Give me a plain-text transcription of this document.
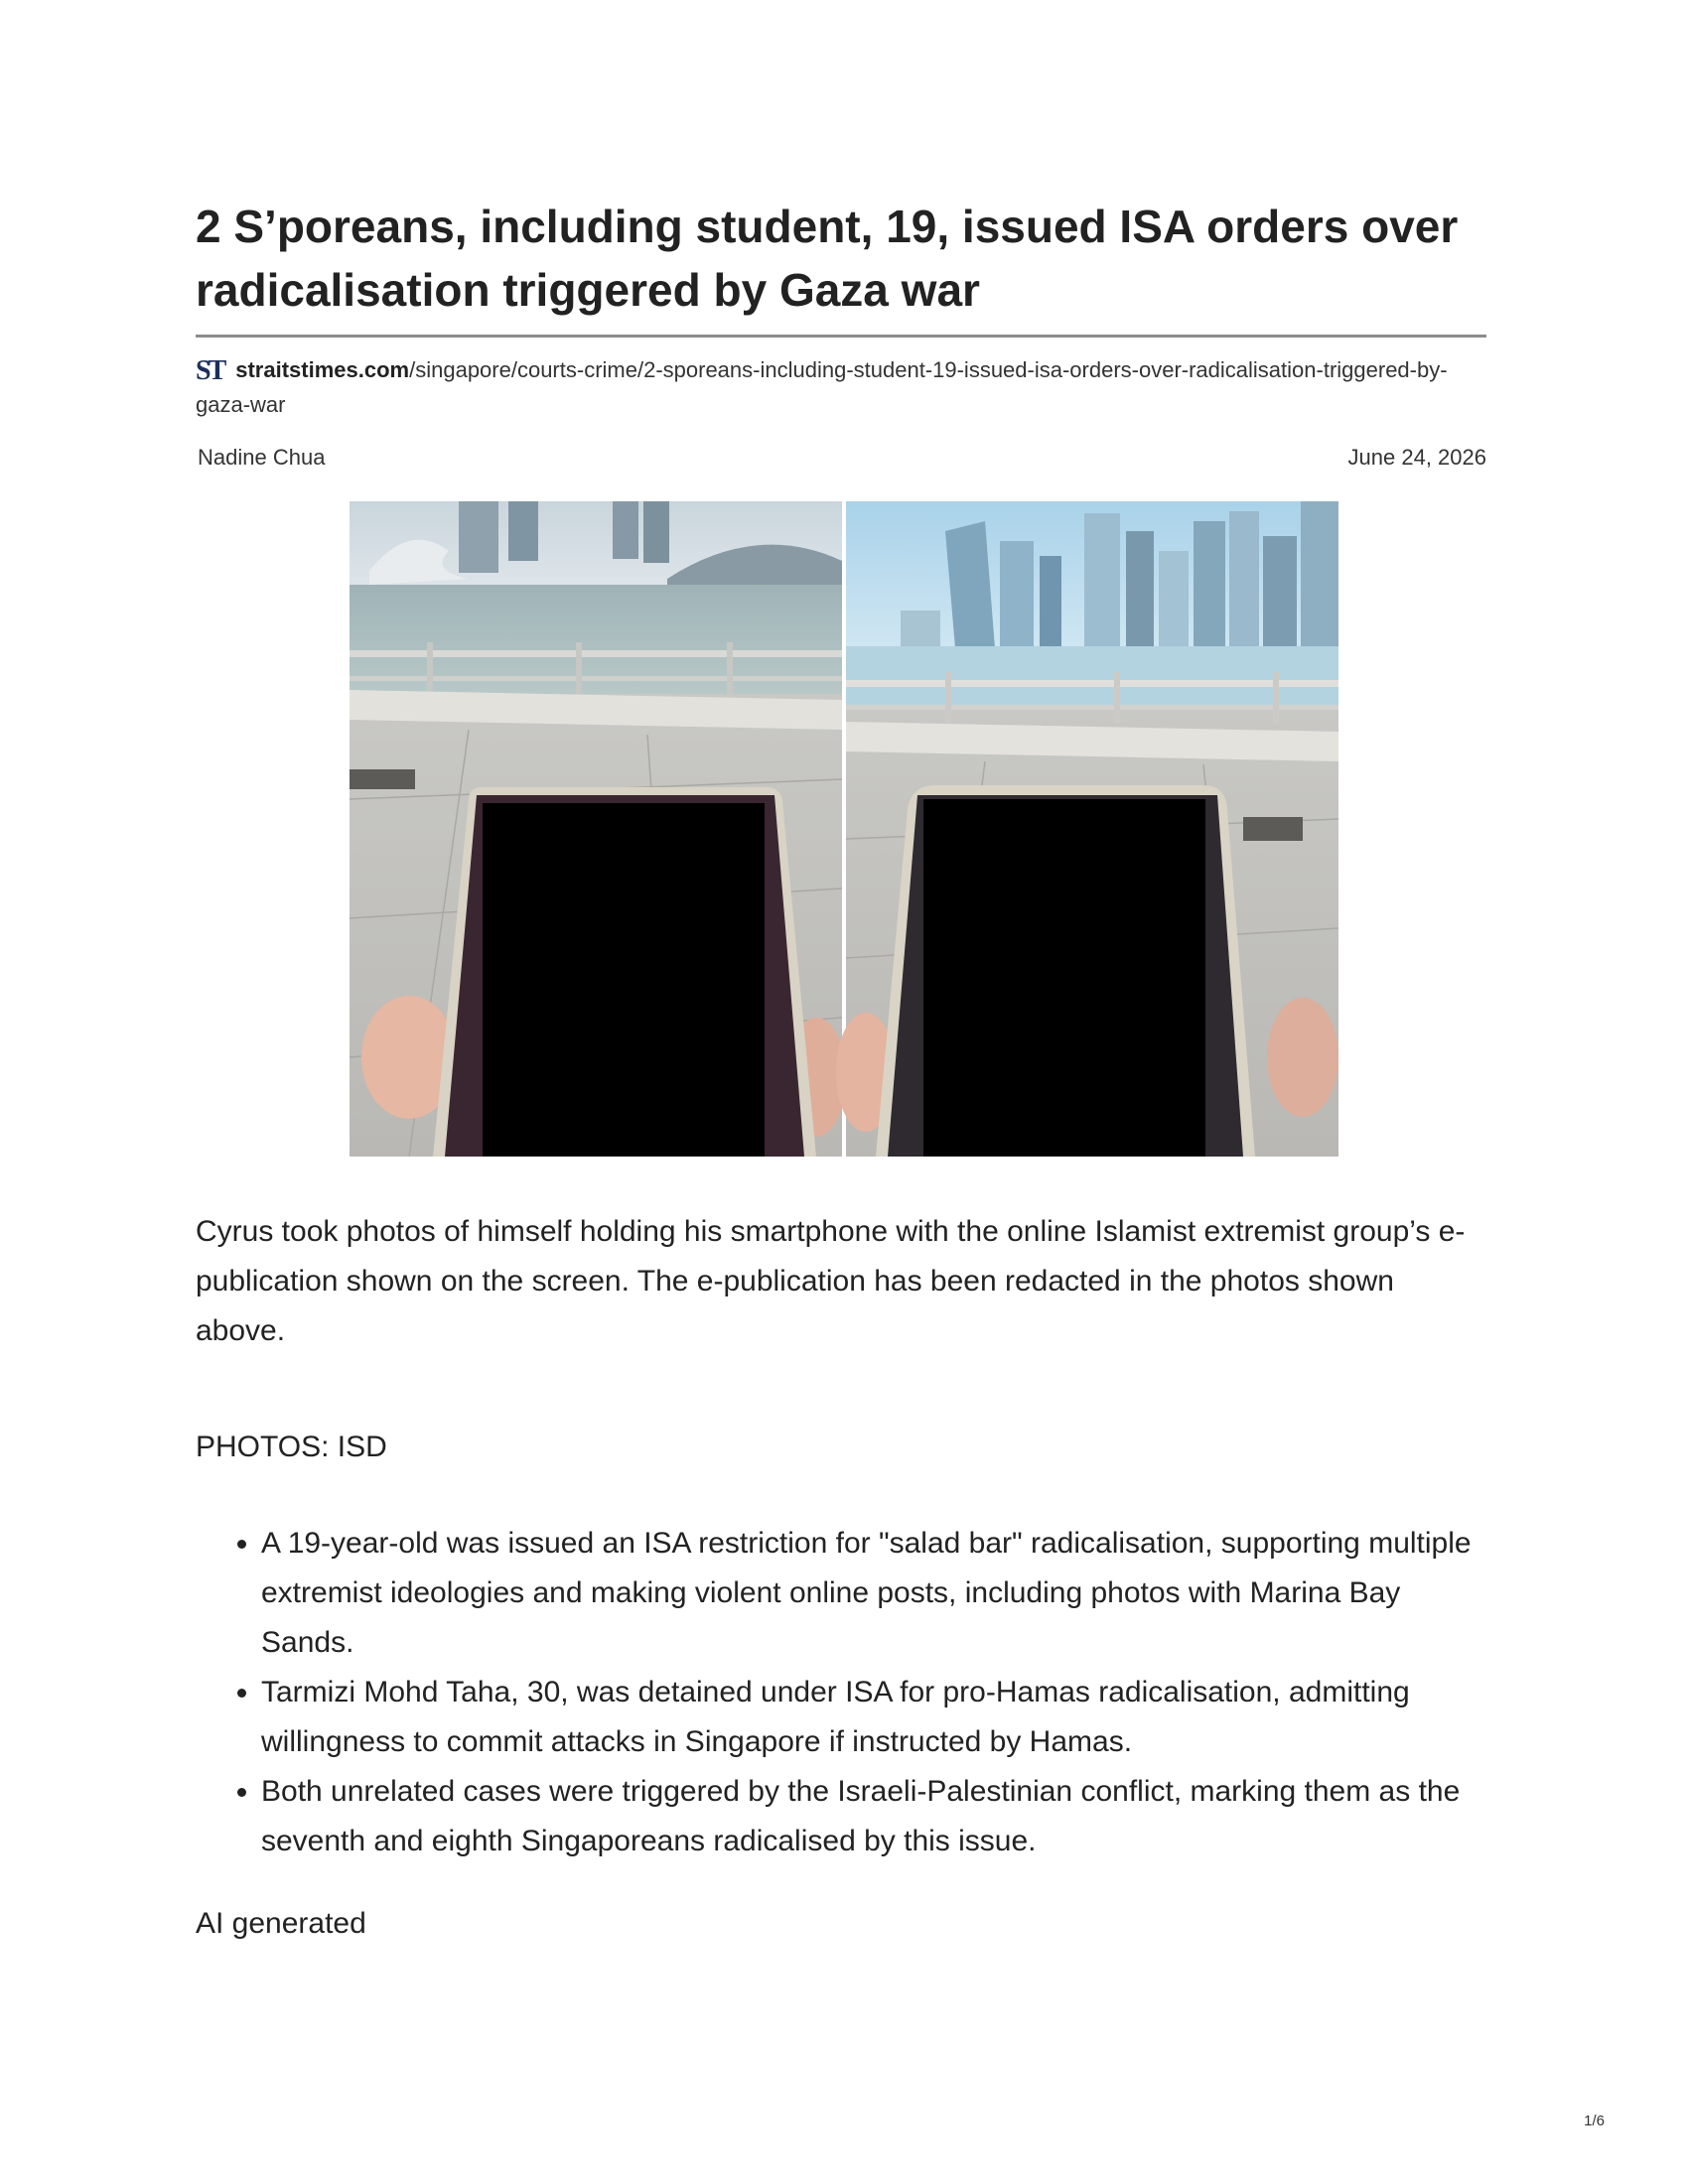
2 S’poreans, including student, 19, issued ISA orders over radicalisation triggered by Gaza war
ST straitstimes.com/singapore/courts-crime/2-sporeans-including-student-19-issued-isa-orders-over-radicalisation-triggered-by-gaza-war
Nadine Chua	June 24, 2026

Cyrus took photos of himself holding his smartphone with the online Islamist extremist group’s e-publication shown on the screen. The e-publication has been redacted in the photos shown above.

PHOTOS: ISD

• A 19-year-old was issued an ISA restriction for "salad bar" radicalisation, supporting multiple extremist ideologies and making violent online posts, including photos with Marina Bay Sands.
• Tarmizi Mohd Taha, 30, was detained under ISA for pro-Hamas radicalisation, admitting willingness to commit attacks in Singapore if instructed by Hamas.
• Both unrelated cases were triggered by the Israeli-Palestinian conflict, marking them as the seventh and eighth Singaporeans radicalised by this issue.

AI generated

1/6
